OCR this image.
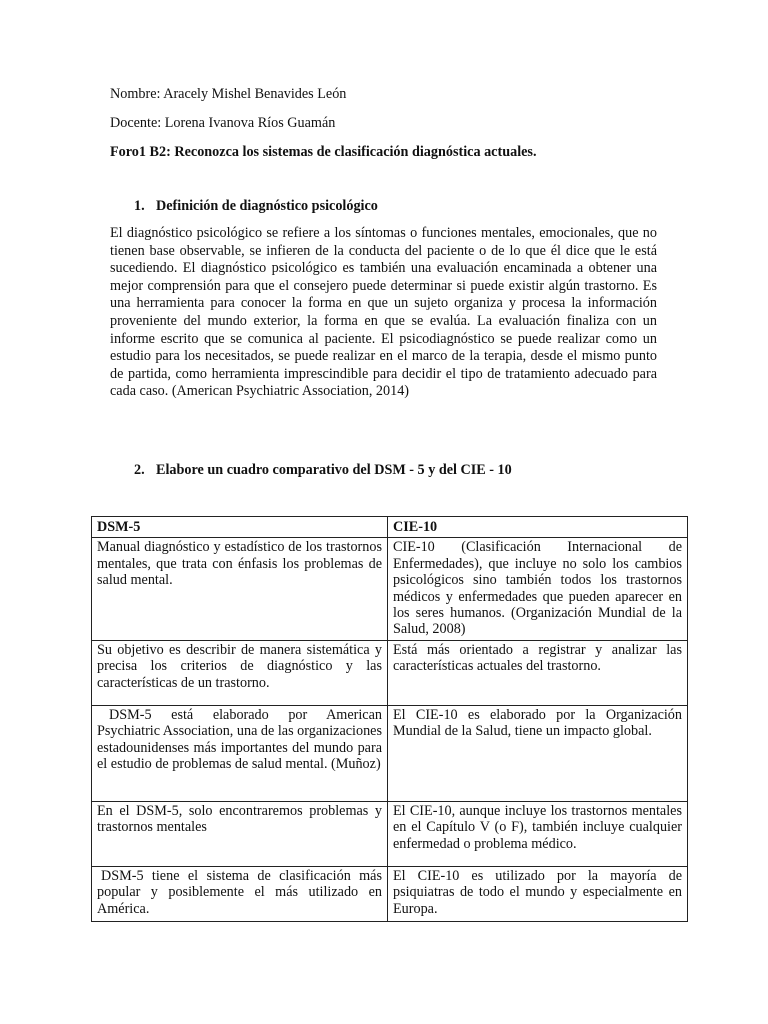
Nombre: Aracely Mishel Benavides León
Docente: Lorena Ivanova Ríos Guamán
Foro1 B2: Reconozca los sistemas de clasificación diagnóstica actuales.
1. Definición de diagnóstico psicológico
El diagnóstico psicológico se refiere a los síntomas o funciones mentales, emocionales, que no tienen base observable, se infieren de la conducta del paciente o de lo que él dice que le está sucediendo. El diagnóstico psicológico es también una evaluación encaminada a obtener una mejor comprensión para que el consejero puede determinar si puede existir algún trastorno. Es una herramienta para conocer la forma en que un sujeto organiza y procesa la información proveniente del mundo exterior, la forma en que se evalúa. La evaluación finaliza con un informe escrito que se comunica al paciente. El psicodiagnóstico se puede realizar como un estudio para los necesitados, se puede realizar en el marco de la terapia, desde el mismo punto de partida, como herramienta imprescindible para decidir el tipo de tratamiento adecuado para cada caso. (American Psychiatric Association, 2014)
2. Elabore un cuadro comparativo del DSM - 5 y del CIE - 10
DSM-5	CIE-10
Manual diagnóstico y estadístico de los trastornos mentales, que trata con énfasis los problemas de salud mental.	CIE-10 (Clasificación Internacional de Enfermedades), que incluye no solo los cambios psicológicos sino también todos los trastornos médicos y enfermedades que pueden aparecer en los seres humanos. (Organización Mundial de la Salud, 2008)
Su objetivo es describir de manera sistemática y precisa los criterios de diagnóstico y las características de un trastorno.	Está más orientado a registrar y analizar las características actuales del trastorno.
DSM-5 está elaborado por American Psychiatric Association, una de las organizaciones estadounidenses más importantes del mundo para el estudio de problemas de salud mental. (Muñoz)	El CIE-10 es elaborado por la Organización Mundial de la Salud, tiene un impacto global.
En el DSM-5, solo encontraremos problemas y trastornos mentales	El CIE-10, aunque incluye los trastornos mentales en el Capítulo V (o F), también incluye cualquier enfermedad o problema médico.
DSM-5 tiene el sistema de clasificación más popular y posiblemente el más utilizado en América.	El CIE-10 es utilizado por la mayoría de psiquiatras de todo el mundo y especialmente en Europa.
